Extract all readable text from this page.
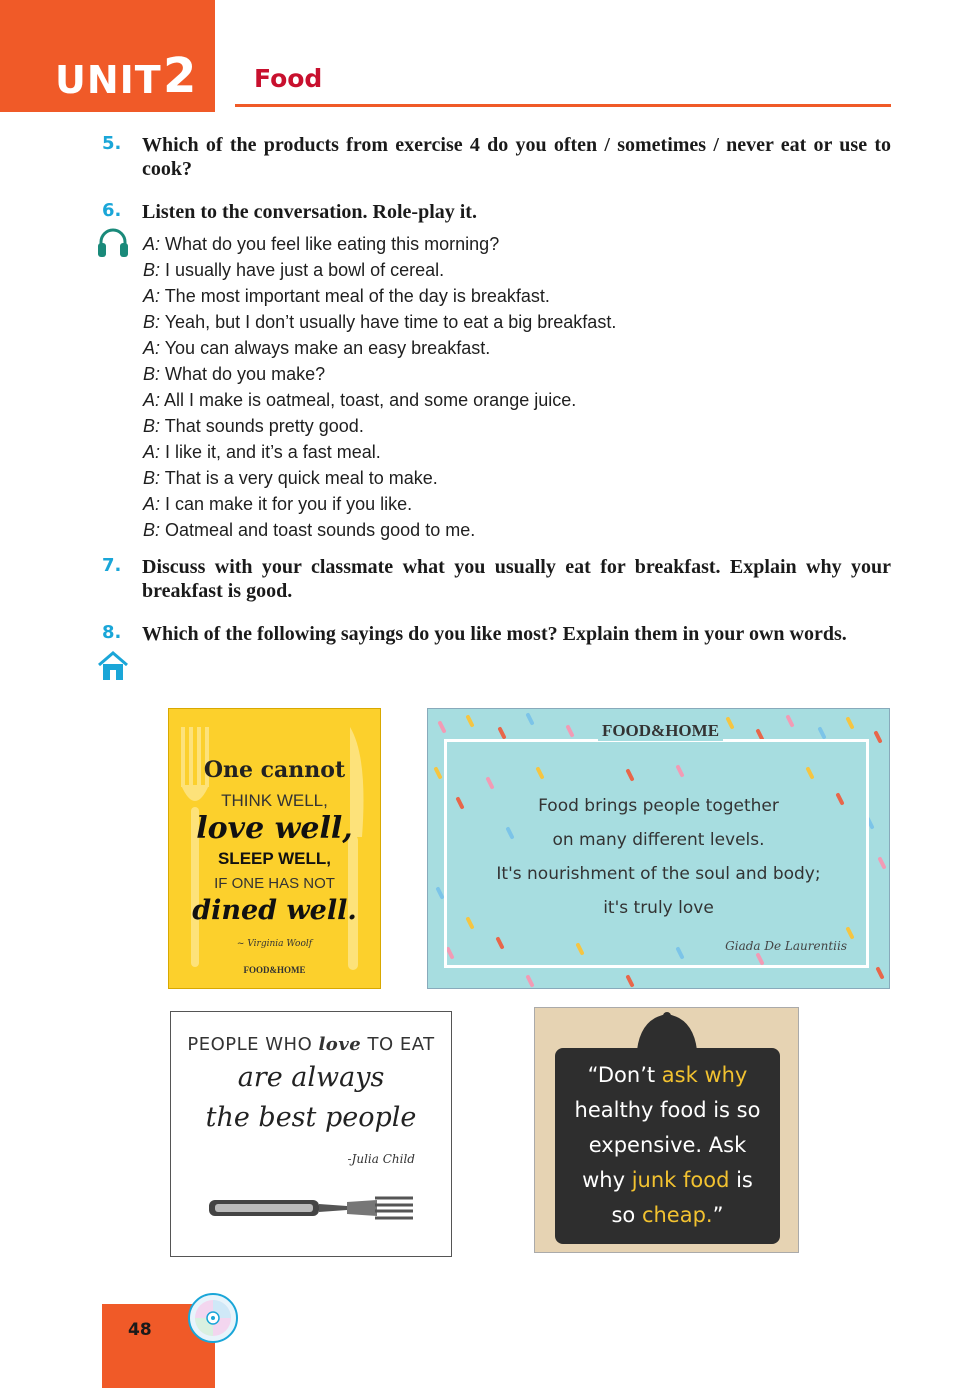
UNIT 2 Food
5. Which of the products from exercise 4 do you often / sometimes / never eat or use to cook?
6. Listen to the conversation. Role-play it.
A: What do you feel like eating this morning?
B: I usually have just a bowl of cereal.
A: The most important meal of the day is breakfast.
B: Yeah, but I don’t usually have time to eat a big breakfast.
A: You can always make an easy breakfast.
B: What do you make?
A: All I make is oatmeal, toast, and some orange juice.
B: That sounds pretty good.
A: I like it, and it’s a fast meal.
B: That is a very quick meal to make.
A: I can make it for you if you like.
B: Oatmeal and toast sounds good to me.
7. Discuss with your classmate what you usually eat for breakfast. Explain why your breakfast is good.
8. Which of the following sayings do you like most? Explain them in your own words.
One cannot
THINK WELL,
love well,
SLEEP WELL,
IF ONE HAS NOT
dined well.
~ Virginia Woolf
FOOD&HOME
FOOD&HOME
Food brings people together
on many different levels.
It's nourishment of the soul and body;
it's truly love
Giada De Laurentiis
PEOPLE WHO love TO EAT
are always
the best people
-Julia Child
“Don’t ask why
healthy food is so
expensive. Ask
why junk food is
so cheap.”
48
